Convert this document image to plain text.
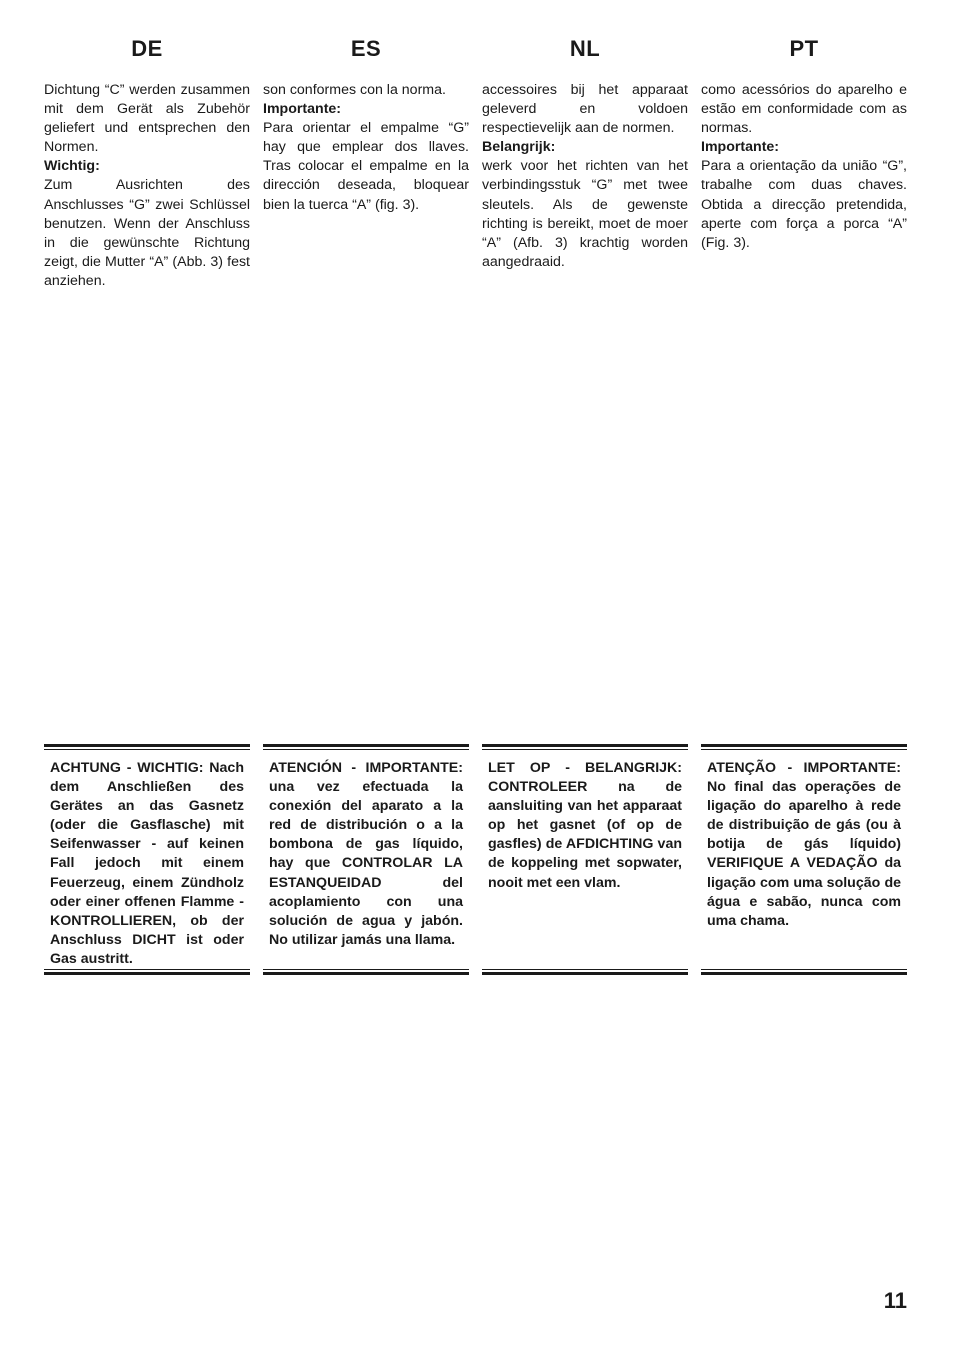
DE	ES	NL	PT

Dichtung “C” werden zusammen mit dem Gerät als Zubehör geliefert und entsprechen den Normen.

Wichtig:

Zum Ausrichten des Anschlusses “G” zwei Schlüssel benutzen. Wenn der Anschluss in die gewünschte Richtung zeigt, die Mutter “A” (Abb. 3) fest anziehen.

son conformes con la norma.

Importante:

Para orientar el empalme “G” hay que emplear dos llaves. Tras colocar el empalme en la dirección deseada, bloquear bien la tuerca “A” (fig. 3).

accessoires bij het apparaat geleverd en voldoen respectievelijk aan de normen.

Belangrijk:

werk voor het richten van het verbindingsstuk “G” met twee sleutels. Als de gewenste richting is bereikt, moet de moer “A” (Afb. 3) krachtig worden aangedraaid.

como acessórios do aparelho e estão em conformidade com as normas.

Importante:

Para a orientação da união “G”, trabalhe com duas chaves. Obtida a direcção pretendida, aperte com força a porca “A” (Fig. 3).

ACHTUNG - WICHTIG: Nach dem Anschließen des Gerätes an das Gasnetz (oder die Gasflasche) mit Seifenwasser - auf keinen Fall jedoch mit einem Feuerzeug, einem Zündholz oder einer offenen Flamme - KONTROLLIEREN, ob der Anschluss DICHT ist oder Gas austritt.
ATENCIÓN - IMPORTANTE: una vez efectuada la conexión del aparato a la red de distribución o a la bombona de gas líquido, hay que CONTROLAR LA ESTANQUEIDAD del acoplamiento con una solución de agua y jabón. No utilizar jamás una llama.
LET OP - BELANGRIJK: CONTROLEER na de aansluiting van het apparaat op het gasnet (of op de gasfles) de AFDICHTING van de koppeling met sopwater, nooit met een vlam.
ATENÇÃO - IMPORTANTE: No final das operações de ligação do aparelho à rede de distribuição de gás (ou à botija de gás líquido) VERIFIQUE A VEDAÇÃO da ligação com uma solução de água e sabão, nunca com uma chama.
11
